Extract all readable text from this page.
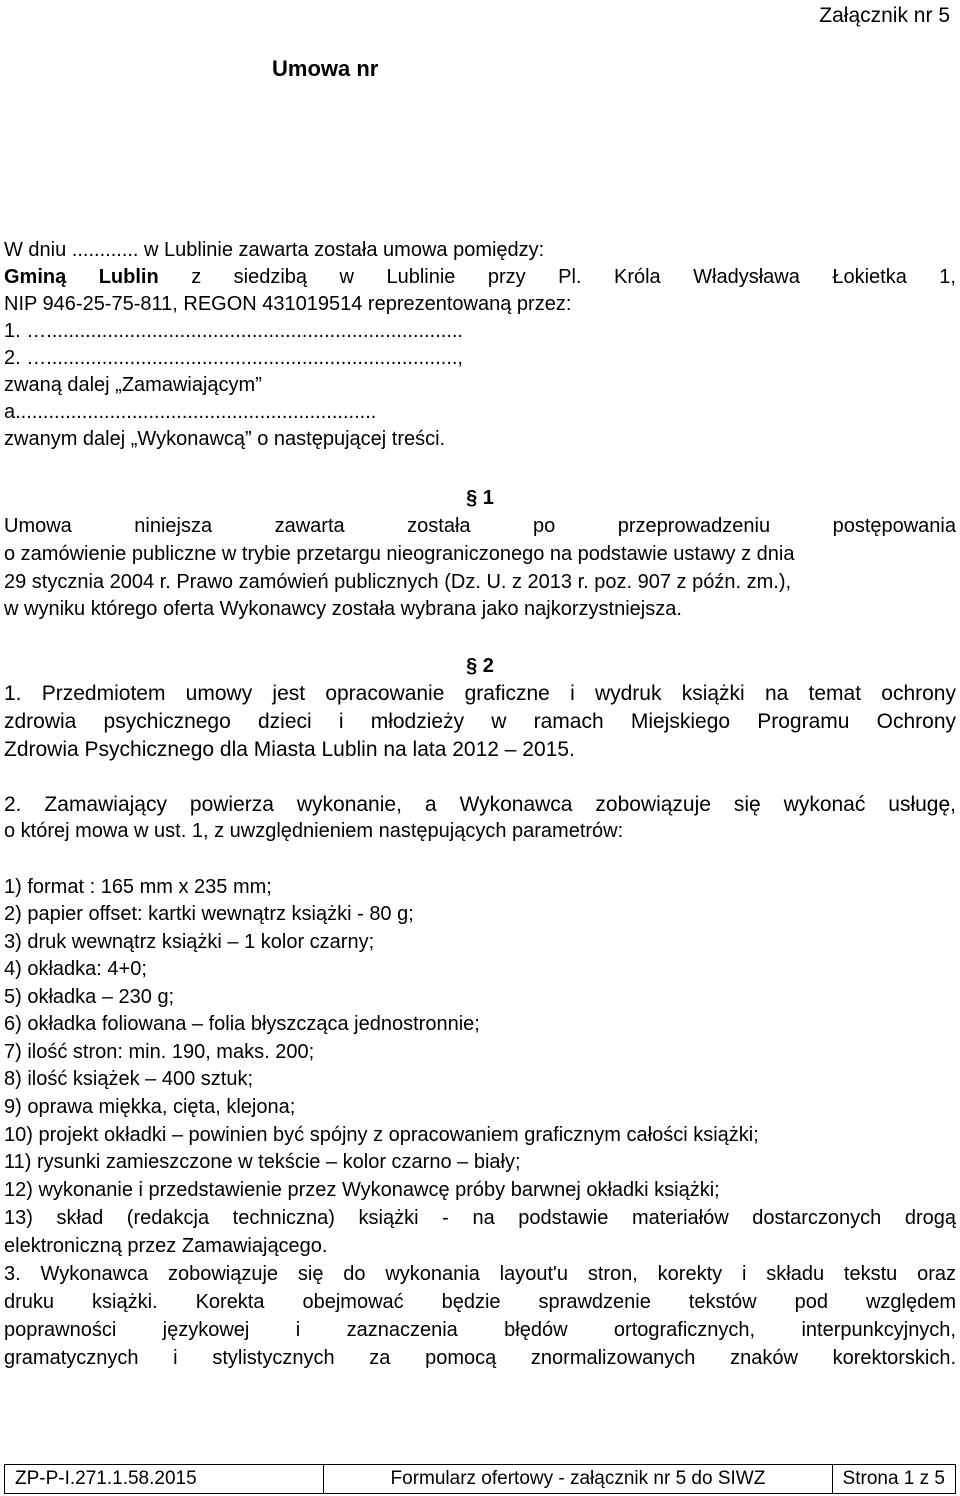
Załącznik nr 5
Umowa nr
W dniu ............ w Lublinie zawarta została umowa pomiędzy:
Gminą Lublin z siedzibą w Lublinie przy Pl. Króla Władysława Łokietka 1,
NIP 946-25-75-811, REGON 431019514 reprezentowaną przez:
1. …...........................................................................
2. …..........................................................................,
zwaną dalej „Zamawiającym”
a.................................................................
zwanym dalej „Wykonawcą” o następującej treści.
§ 1
Umowa niniejsza zawarta została po przeprowadzeniu postępowania
o zamówienie publiczne w trybie przetargu nieograniczonego na podstawie ustawy z dnia
29 stycznia 2004 r. Prawo zamówień publicznych (Dz. U. z 2013 r. poz. 907 z późn. zm.),
w wyniku którego oferta Wykonawcy została wybrana jako najkorzystniejsza.
§ 2
1. Przedmiotem umowy jest opracowanie graficzne i wydruk książki na temat ochrony
zdrowia psychicznego dzieci i młodzieży w ramach Miejskiego Programu Ochrony
Zdrowia Psychicznego dla Miasta Lublin na lata 2012 – 2015.
2. Zamawiający powierza wykonanie, a Wykonawca zobowiązuje się wykonać usługę,
o której mowa w ust. 1, z uwzględnieniem następujących parametrów:
1) format : 165 mm x 235 mm;
2) papier offset: kartki wewnątrz książki - 80 g;
3) druk wewnątrz książki – 1 kolor czarny;
4) okładka: 4+0;
5) okładka – 230 g;
6) okładka foliowana – folia błyszcząca jednostronnie;
7) ilość stron: min. 190, maks. 200;
8) ilość książek – 400 sztuk;
9) oprawa miękka, cięta, klejona;
10) projekt okładki – powinien być spójny z opracowaniem graficznym całości książki;
11) rysunki zamieszczone w tekście – kolor czarno – biały;
12) wykonanie i przedstawienie przez Wykonawcę próby barwnej okładki książki;
13) skład (redakcja techniczna) książki - na podstawie materiałów dostarczonych drogą
elektroniczną przez Zamawiającego.
3. Wykonawca zobowiązuje się do wykonania layout'u stron, korekty i składu tekstu oraz
druku książki. Korekta obejmować będzie sprawdzenie tekstów pod względem
poprawności językowej i zaznaczenia błędów ortograficznych, interpunkcyjnych,
gramatycznych i stylistycznych za pomocą znormalizowanych znaków korektorskich.
ZP-P-I.271.1.58.2015	Formularz ofertowy - załącznik nr 5 do SIWZ	Strona 1 z 5
